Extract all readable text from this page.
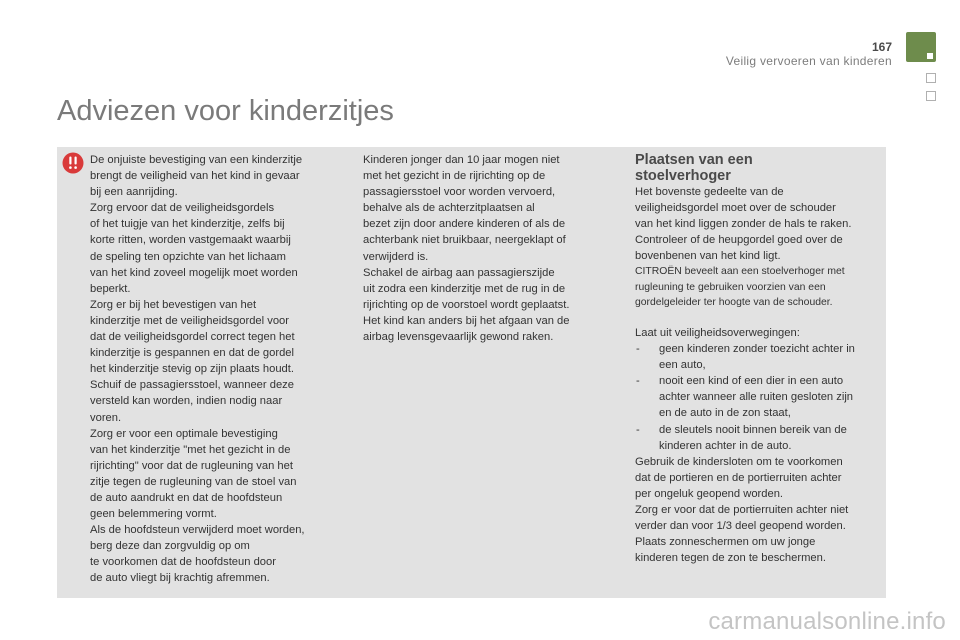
167
Veilig vervoeren van kinderen
Adviezen voor kinderzitjes

De onjuiste bevestiging van een kinderzitje
brengt de veiligheid van het kind in gevaar
bij een aanrijding.
Zorg ervoor dat de veiligheidsgordels
of het tuigje van het kinderzitje, zelfs bij
korte ritten, worden vastgemaakt waarbij
de speling ten opzichte van het lichaam
van het kind zoveel mogelijk moet worden
beperkt.
Zorg er bij het bevestigen van het
kinderzitje met de veiligheidsgordel voor
dat de veiligheidsgordel correct tegen het
kinderzitje is gespannen en dat de gordel
het kinderzitje stevig op zijn plaats houdt.
Schuif de passagiersstoel, wanneer deze
versteld kan worden, indien nodig naar
voren.
Zorg er voor een optimale bevestiging
van het kinderzitje "met het gezicht in de
rijrichting" voor dat de rugleuning van het
zitje tegen de rugleuning van de stoel van
de auto aandrukt en dat de hoofdsteun
geen belemmering vormt.
Als de hoofdsteun verwijderd moet worden,
berg deze dan zorgvuldig op om
te voorkomen dat de hoofdsteun door
de auto vliegt bij krachtig afremmen.

Kinderen jonger dan 10 jaar mogen niet
met het gezicht in de rijrichting op de
passagiersstoel voor worden vervoerd,
behalve als de achterzitplaatsen al
bezet zijn door andere kinderen of als de
achterbank niet bruikbaar, neergeklapt of
verwijderd is.
Schakel de airbag aan passagierszijde
uit zodra een kinderzitje met de rug in de
rijrichting op de voorstoel wordt geplaatst.
Het kind kan anders bij het afgaan van de
airbag levensgevaarlijk gewond raken.

Plaatsen van een
stoelverhoger

Het bovenste gedeelte van de
veiligheidsgordel moet over de schouder
van het kind liggen zonder de hals te raken.
Controleer of de heupgordel goed over de
bovenbenen van het kind ligt.

CITROËN beveelt aan een stoelverhoger met
rugleuning te gebruiken voorzien van een
gordelgeleider ter hoogte van de schouder.

Laat uit veiligheidsoverwegingen:

- geen kinderen zonder toezicht achter in
een auto,
- nooit een kind of een dier in een auto
achter wanneer alle ruiten gesloten zijn
en de auto in de zon staat,
- de sleutels nooit binnen bereik van de
kinderen achter in de auto.

Gebruik de kindersloten om te voorkomen
dat de portieren en de portierruiten achter
per ongeluk geopend worden.
Zorg er voor dat de portierruiten achter niet
verder dan voor 1/3 deel geopend worden.
Plaats zonneschermen om uw jonge
kinderen tegen de zon te beschermen.

carmanualsonline.info
